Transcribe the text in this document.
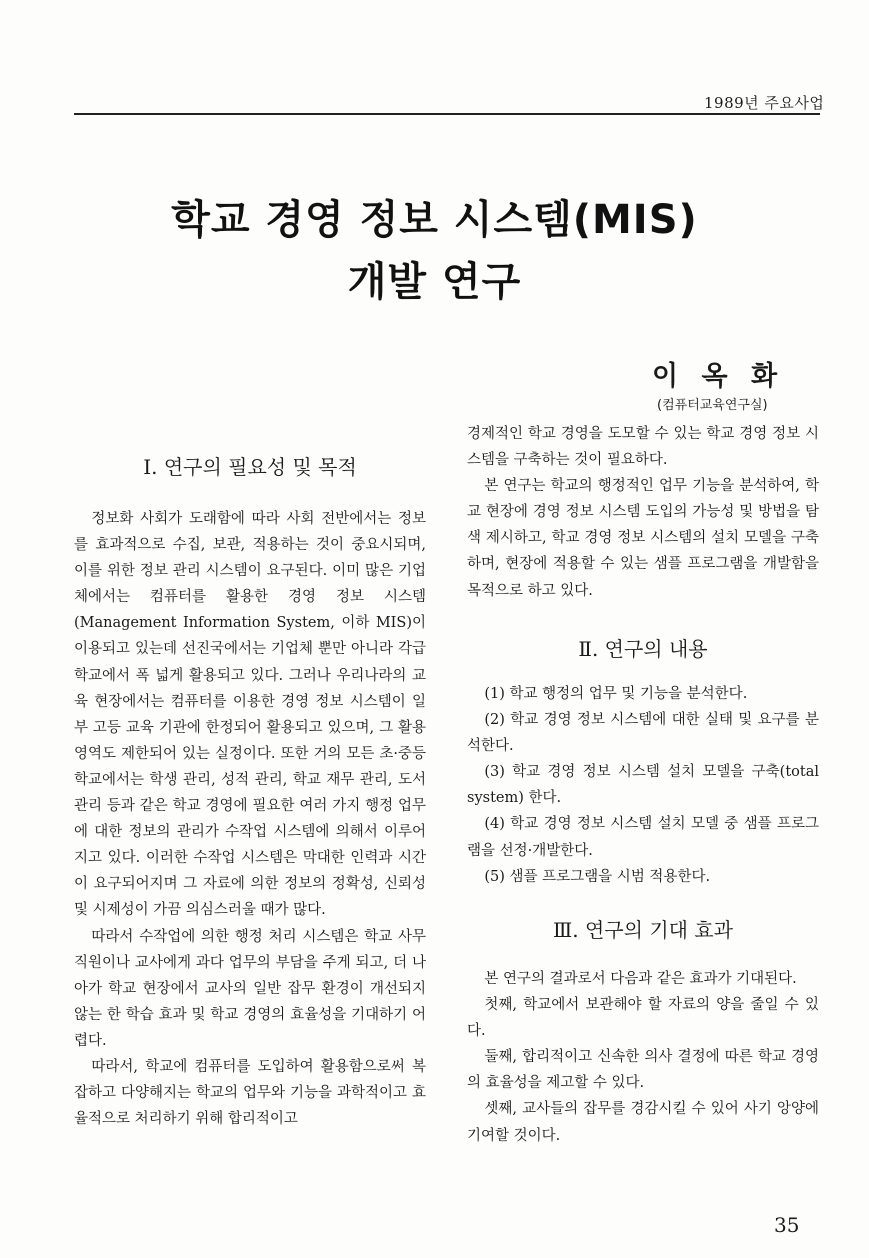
1989년 주요사업
학교 경영 정보 시스템(MIS)
개발 연구
이 옥 화
(컴퓨터교육연구실)
Ⅰ. 연구의 필요성 및 목적

정보화 사회가 도래함에 따라 사회 전반에서는 정보를 효과적으로 수집, 보관, 적용하는 것이 중요시되며, 이를 위한 정보 관리 시스템이 요구된다. 이미 많은 기업체에서는 컴퓨터를 활용한 경영 정보 시스템 (Management Information System, 이하 MIS)이 이용되고 있는데 선진국에서는 기업체 뿐만 아니라 각급 학교에서 폭 넓게 활용되고 있다. 그러나 우리나라의 교육 현장에서는 컴퓨터를 이용한 경영 정보 시스템이 일부 고등 교육 기관에 한정되어 활용되고 있으며, 그 활용 영역도 제한되어 있는 실정이다. 또한 거의 모든 초·중등학교에서는 학생 관리, 성적 관리, 학교 재무 관리, 도서 관리 등과 같은 학교 경영에 필요한 여러 가지 행정 업무에 대한 정보의 관리가 수작업 시스템에 의해서 이루어지고 있다. 이러한 수작업 시스템은 막대한 인력과 시간이 요구되어지며 그 자료에 의한 정보의 정확성, 신뢰성 및 시제성이 가끔 의심스러울 때가 많다.

따라서 수작업에 의한 행정 처리 시스템은 학교 사무 직원이나 교사에게 과다 업무의 부담을 주게 되고, 더 나아가 학교 현장에서 교사의 일반 잡무 환경이 개선되지 않는 한 학습 효과 및 학교 경영의 효율성을 기대하기 어렵다.

따라서, 학교에 컴퓨터를 도입하여 활용함으로써 복잡하고 다양해지는 학교의 업무와 기능을 과학적이고 효율적으로 처리하기 위해 합리적이고

경제적인 학교 경영을 도모할 수 있는 학교 경영 정보 시스템을 구축하는 것이 필요하다.

본 연구는 학교의 행정적인 업무 기능을 분석하여, 학교 현장에 경영 정보 시스템 도입의 가능성 및 방법을 탐색 제시하고, 학교 경영 정보 시스템의 설치 모델을 구축하며, 현장에 적용할 수 있는 샘플 프로그램을 개발함을 목적으로 하고 있다.

Ⅱ. 연구의 내용

(1) 학교 행정의 업무 및 기능을 분석한다.

(2) 학교 경영 정보 시스템에 대한 실태 및 요구를 분석한다.

(3) 학교 경영 정보 시스템 설치 모델을 구축(total system) 한다.

(4) 학교 경영 정보 시스템 설치 모델 중 샘플 프로그램을 선정·개발한다.

(5) 샘플 프로그램을 시범 적용한다.

Ⅲ. 연구의 기대 효과

본 연구의 결과로서 다음과 같은 효과가 기대된다.

첫째, 학교에서 보관해야 할 자료의 양을 줄일 수 있다.

둘째, 합리적이고 신속한 의사 결정에 따른 학교 경영의 효율성을 제고할 수 있다.

셋째, 교사들의 잡무를 경감시킬 수 있어 사기 앙양에 기여할 것이다.

35
